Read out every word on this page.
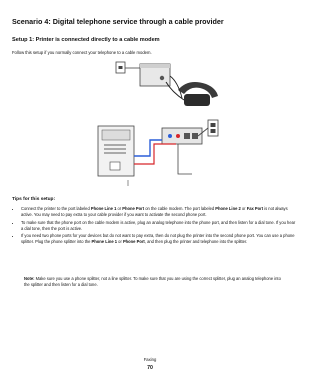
Scenario 4: Digital telephone service through a cable provider

Setup 1: Printer is connected directly to a cable modem

Follow this setup if you normally connect your telephone to a cable modem.

Tips for this setup:

• Connect the printer to the port labeled Phone Line 1 or Phone Port on the cable modem. The port labeled Phone Line 2 or Fax Port is not always active. You may need to pay extra to your cable provider if you want to activate the second phone port.
• To make sure that the phone port on the cable modem is active, plug an analog telephone into the phone port, and then listen for a dial tone. If you hear a dial tone, then the port is active.
• If you need two phone ports for your devices but do not want to pay extra, then do not plug the printer into the second phone port. You can use a phone splitter. Plug the phone splitter into the Phone Line 1 or Phone Port, and then plug the printer and telephone into the splitter.

Note: Make sure you use a phone splitter, not a line splitter. To make sure that you are using the correct splitter, plug an analog telephone into the splitter and then listen for a dial tone.

Faxing
70
